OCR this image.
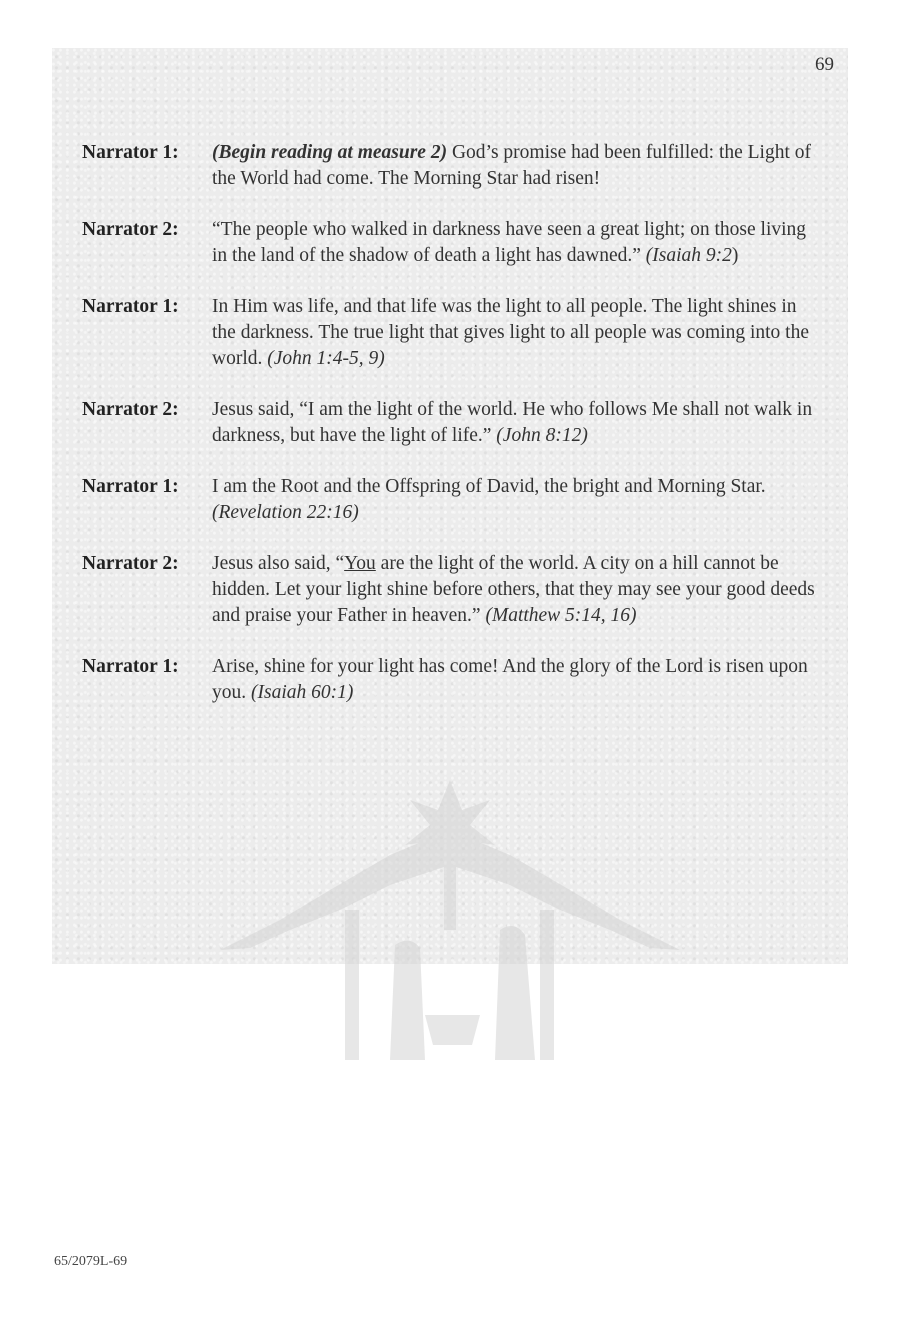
69
Narrator 1:	(Begin reading at measure 2) God’s promise had been fulfilled: the Light of the World had come. The Morning Star had risen!
Narrator 2:	“The people who walked in darkness have seen a great light; on those living in the land of the shadow of death a light has dawned.” (Isaiah 9:2)
Narrator 1:	In Him was life, and that life was the light to all people. The light shines in the darkness. The true light that gives light to all people was coming into the world. (John 1:4-5, 9)
Narrator 2:	Jesus said, “I am the light of the world. He who follows Me shall not walk in darkness, but have the light of life.” (John 8:12)
Narrator 1:	I am the Root and the Offspring of David, the bright and Morning Star. (Revelation 22:16)
Narrator 2:	Jesus also said, “You are the light of the world. A city on a hill cannot be hidden. Let your light shine before others, that they may see your good deeds and praise your Father in heaven.” (Matthew 5:14, 16)
Narrator 1:	Arise, shine for your light has come! And the glory of the Lord is risen upon you. (Isaiah 60:1)
65/2079L-69
